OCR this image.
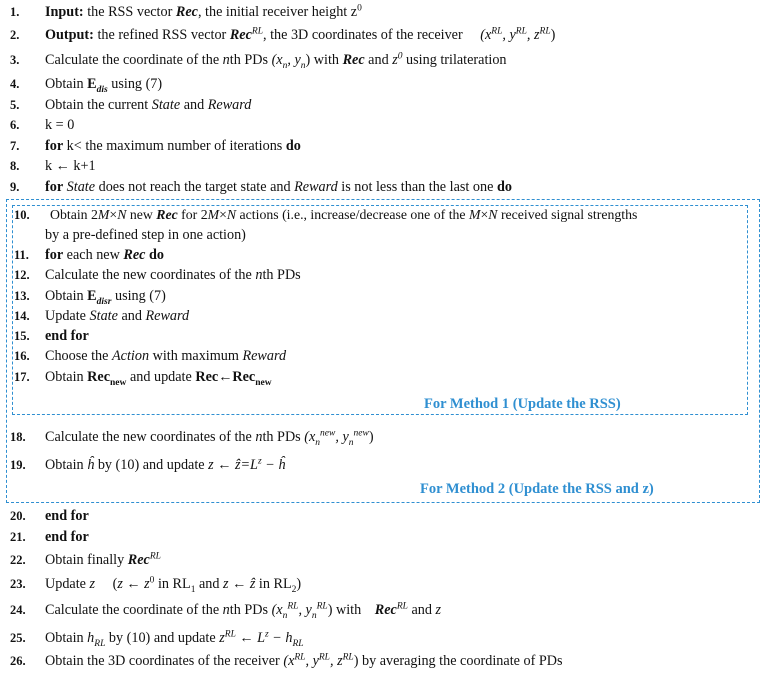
For Method 1 (Update the RSS)
For Method 2 (Update the RSS and z)
1.	Input: the RSS vector Rec, the initial receiver height $z^0$
2.	Output: the refined RSS vector Rec$^{RL}$, the 3D coordinates of the receiver ($x^{RL}$, $y^{RL}$, $z^{RL}$)
3.	Calculate the coordinate of the nth PDs ($x_n$, $y_n$) with Rec and $z^0$ using trilateration
4.	Obtain $E_{dis}$ using (7)
5.	Obtain the current State and Reward
6.	k = 0
7.	for k< the maximum number of iterations do
8.	k ← k+1
9.	for State does not reach the target state and Reward is not less than the last one do
10.	Obtain 2M×N new Rec for 2M×N actions (i.e., increase/decrease one of the M×N received signal strengths
by a pre-defined step in one action)
11.	for each new Rec do
12.	Calculate the new coordinates of the nth PDs
13.	Obtain $E_{disr}$ using (7)
14.	Update State and Reward
15.	end for
16.	Choose the Action with maximum Reward
17.	Obtain Rec$_{new}$ and update Rec←Rec$_{new}$
18.	Calculate the new coordinates of the nth PDs ($x_n^{new}$, $y_n^{new}$)
19.	Obtain ĥ by (10) and update z ← $ẑ=L^z$ − ĥ
20.	end for
21.	end for
22.	Obtain finally Rec$^{RL}$
23.	Update z (z ← $z^0$ in $RL_1$ and z ← ẑ in $RL_2$)
24.	Calculate the coordinate of the nth PDs ($x_n^{RL}$, $y_n^{RL}$) with Rec$^{RL}$ and z
25.	Obtain $h_{RL}$ by (10) and update $z^{RL}$ ← $L^z - h_{RL}$
26.	Obtain the 3D coordinates of the receiver ($x^{RL}$, $y^{RL}$, $z^{RL}$) by averaging the coordinate of PDs
